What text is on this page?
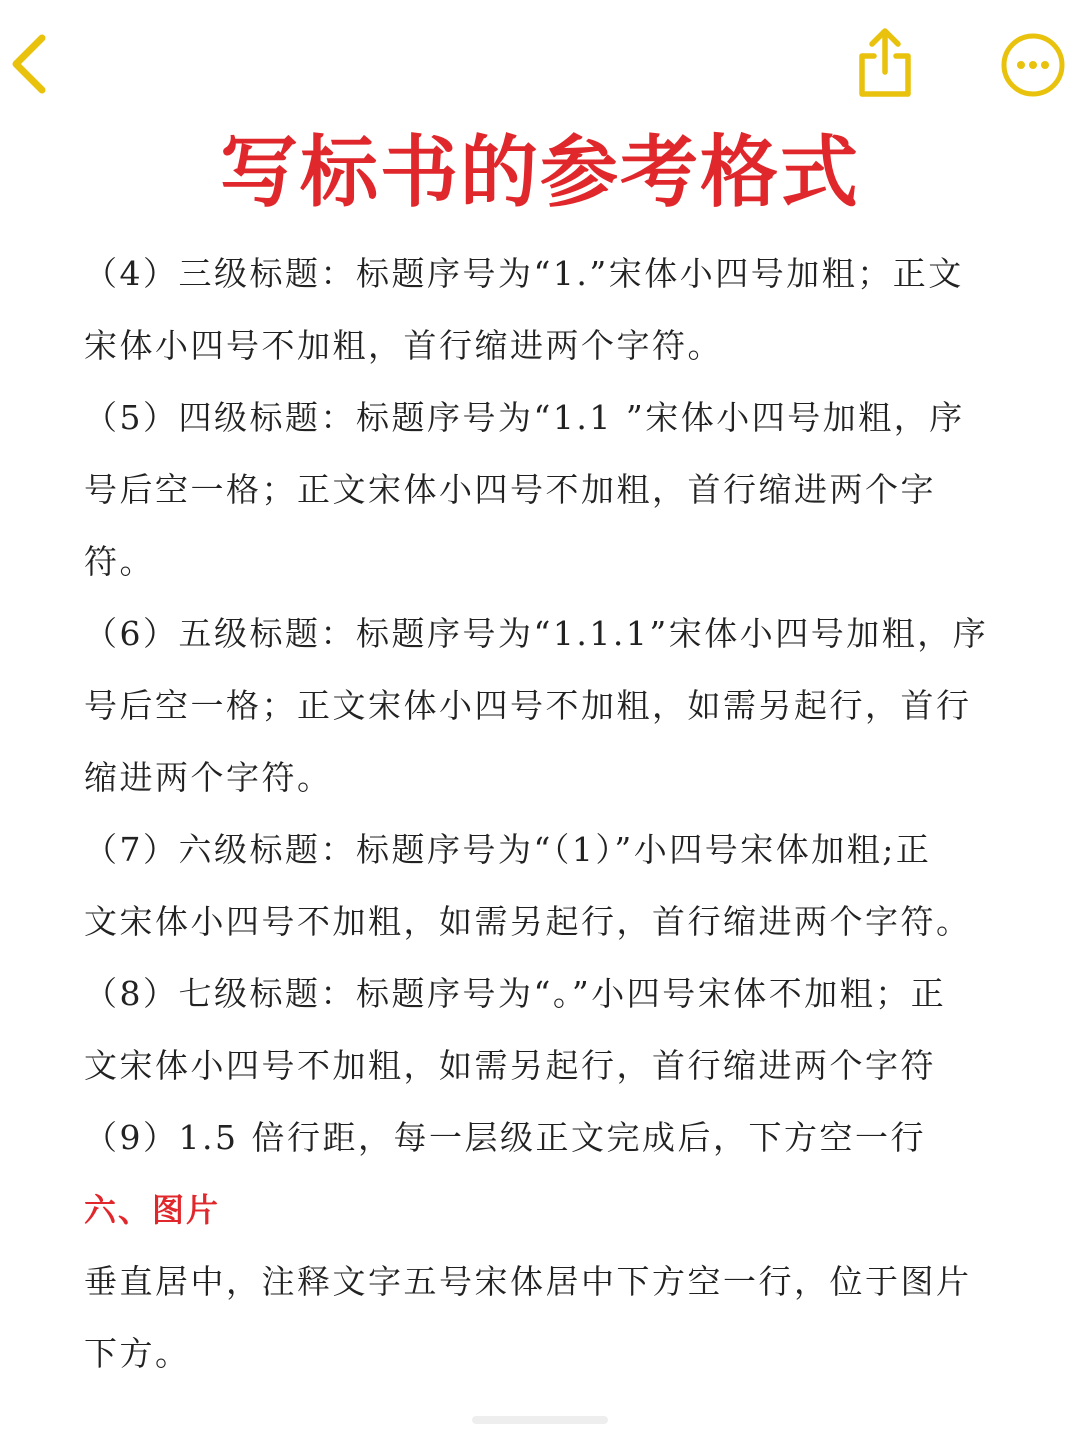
写标书的参考格式
（4）三级标题：标题序号为“1.”宋体小四号加粗；正文
宋体小四号不加粗，首行缩进两个字符。
（5）四级标题：标题序号为“1.1 ”宋体小四号加粗，序
号后空一格；正文宋体小四号不加粗，首行缩进两个字
符。
（6）五级标题：标题序号为“1.1.1”宋体小四号加粗，序
号后空一格；正文宋体小四号不加粗，如需另起行，首行
缩进两个字符。
（7）六级标题：标题序号为“（1）”小四号宋体加粗;正
文宋体小四号不加粗，如需另起行，首行缩进两个字符。
（8）七级标题：标题序号为“。”小四号宋体不加粗；正
文宋体小四号不加粗，如需另起行，首行缩进两个字符
（9）1.5 倍行距，每一层级正文完成后，下方空一行
六、图片
垂直居中，注释文字五号宋体居中下方空一行，位于图片
下方。
